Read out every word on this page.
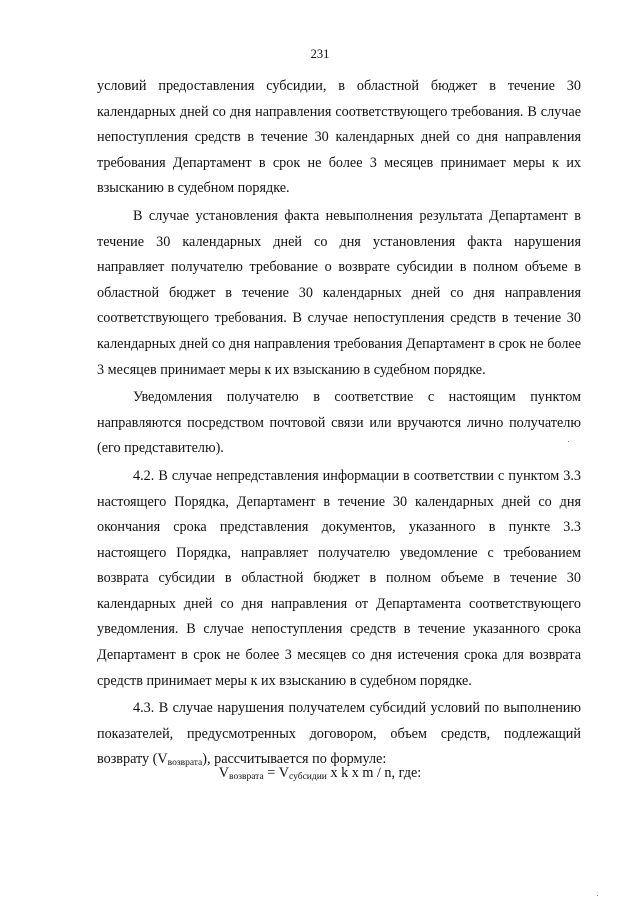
231

условий предоставления субсидии, в областной бюджет в течение 30 календарных дней со дня направления соответствующего требования. В случае непоступления средств в течение 30 календарных дней со дня направления требования Департамент в срок не более 3 месяцев принимает меры к их взысканию в судебном порядке.

В случае установления факта невыполнения результата Департамент в течение 30 календарных дней со дня установления факта нарушения направляет получателю требование о возврате субсидии в полном объеме в областной бюджет в течение 30 календарных дней со дня направления соответствующего требования. В случае непоступления средств в течение 30 календарных дней со дня направления требования Департамент в срок не более 3 месяцев принимает меры к их взысканию в судебном порядке.

Уведомления получателю в соответствие с настоящим пунктом направляются посредством почтовой связи или вручаются лично получателю (его представителю).

4.2. В случае непредставления информации в соответствии с пунктом 3.3 настоящего Порядка, Департамент в течение 30 календарных дней со дня окончания срока представления документов, указанного в пункте 3.3 настоящего Порядка, направляет получателю уведомление с требованием возврата субсидии в областной бюджет в полном объеме в течение 30 календарных дней со дня направления от Департамента соответствующего уведомления. В случае непоступления средств в течение указанного срока Департамент в срок не более 3 месяцев со дня истечения срока для возврата средств принимает меры к их взысканию в судебном порядке.

4.3. В случае нарушения получателем субсидий условий по выполнению показателей, предусмотренных договором, объем средств, подлежащий возврату $(V_{возврата})$, рассчитывается по формуле:

$V_{возврата} = V_{субсидии}$ x k x m / n, где:
